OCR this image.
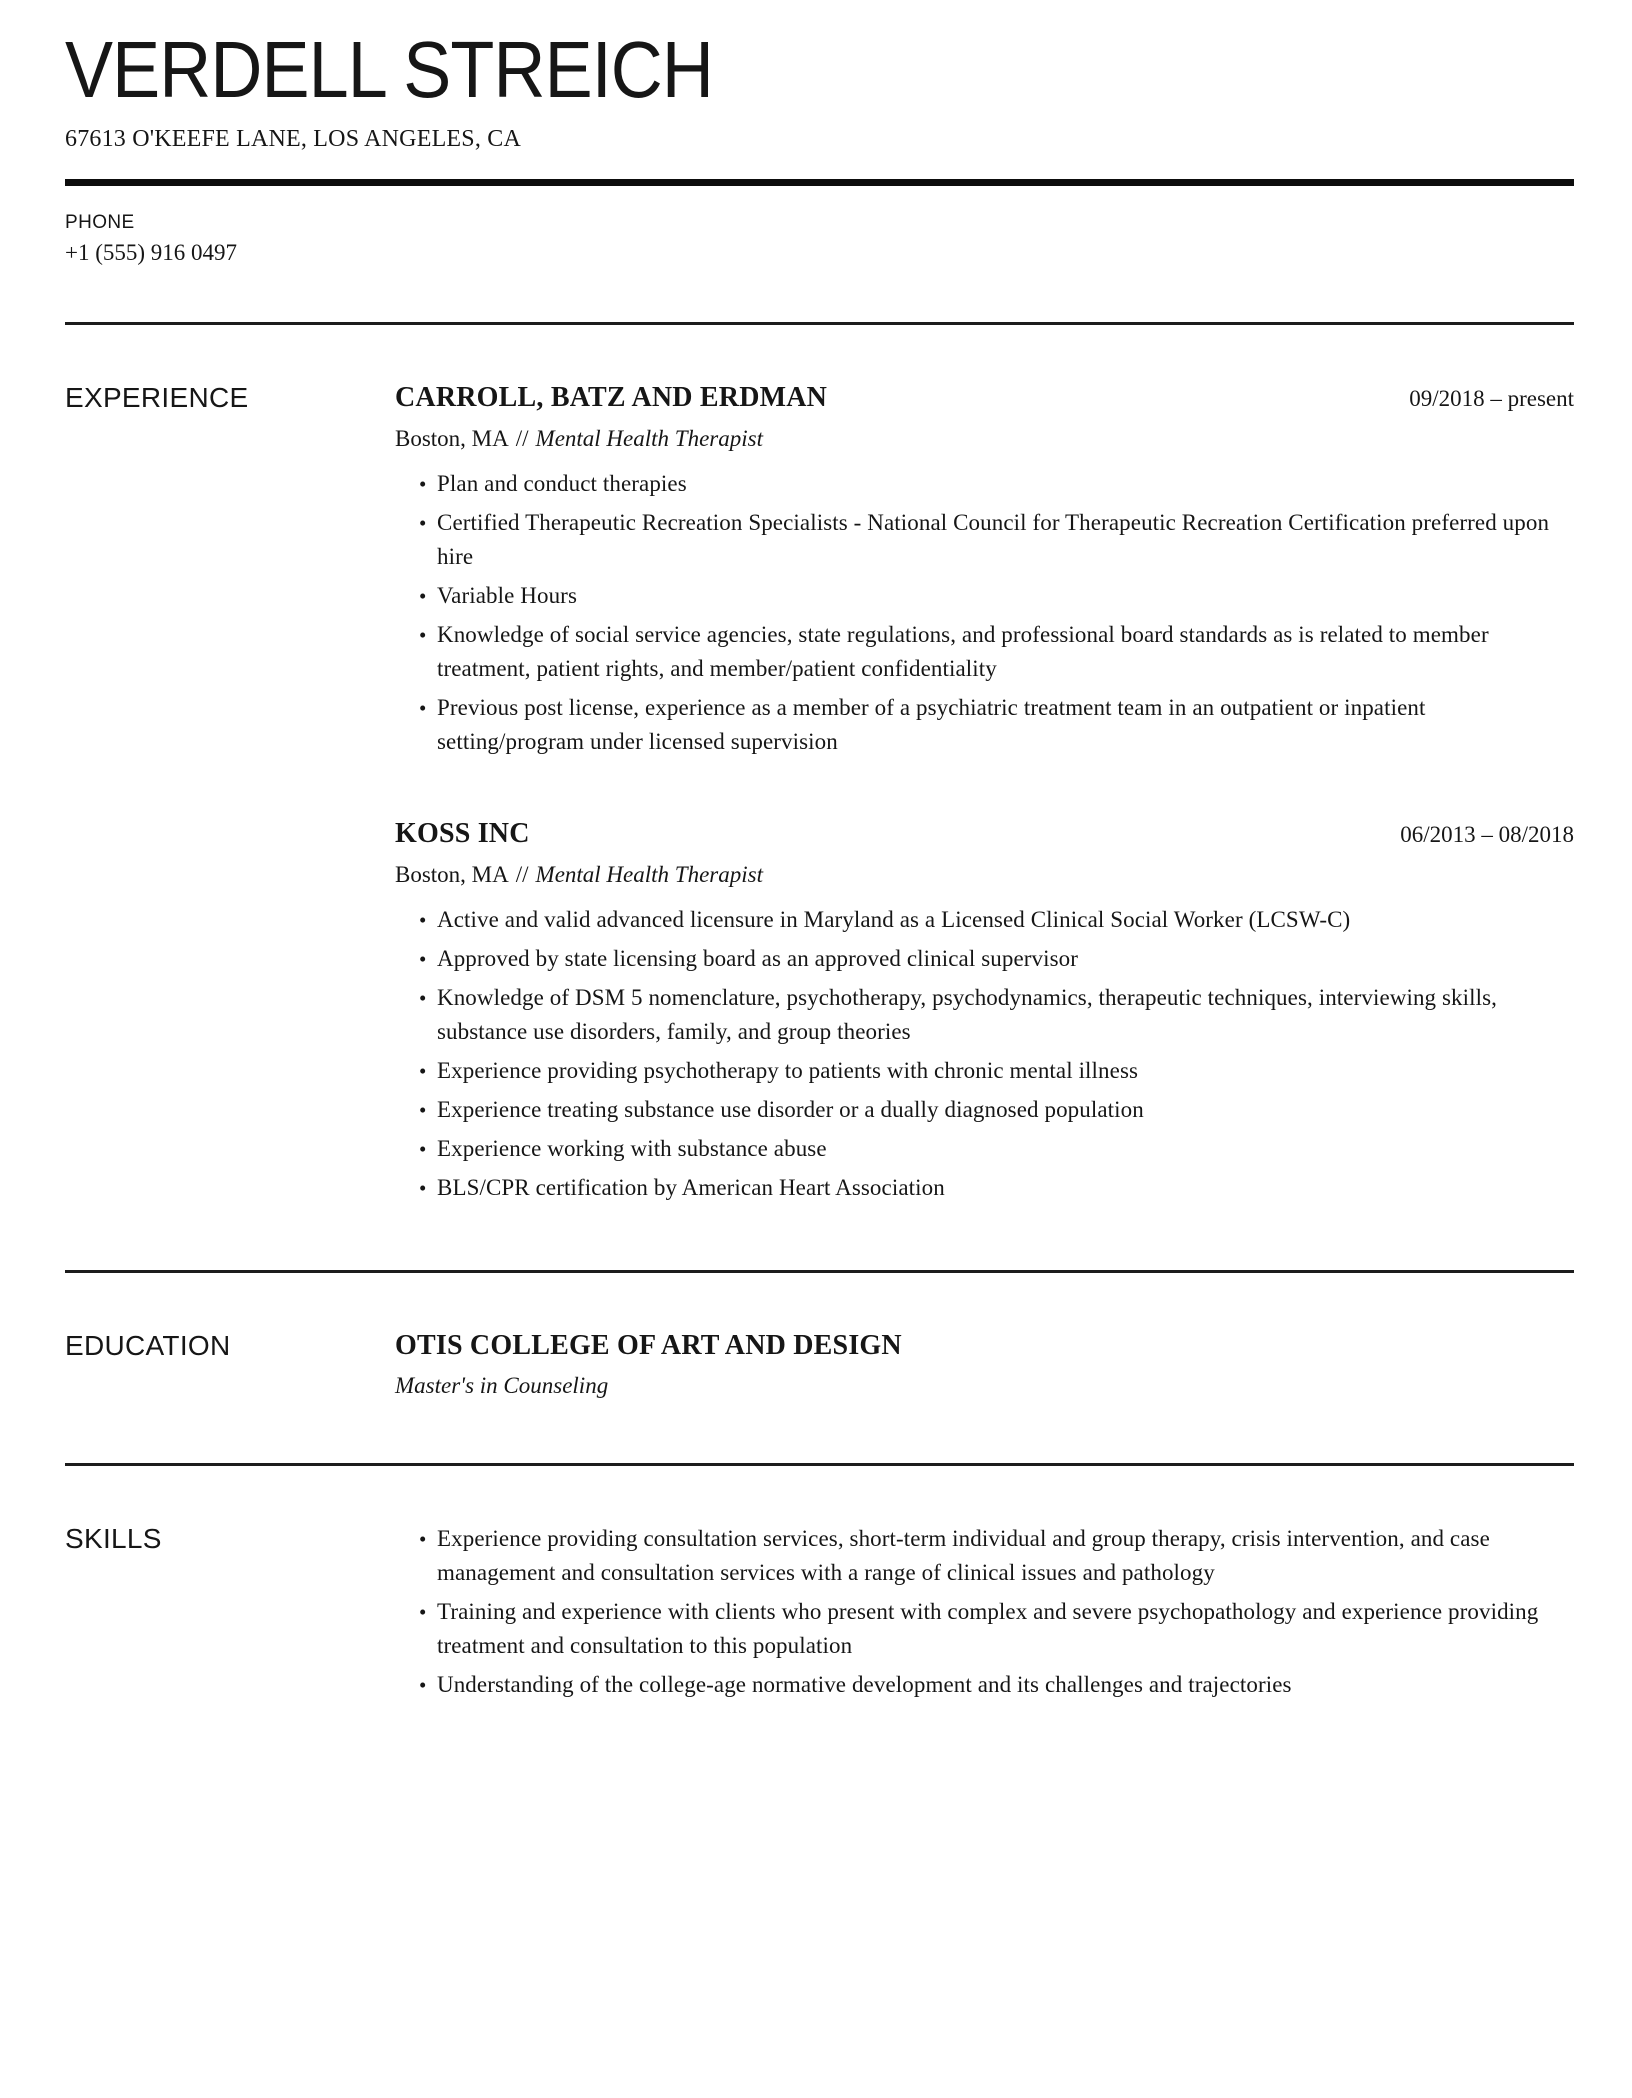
VERDELL STREICH
67613 O'KEEFE LANE, LOS ANGELES, CA
PHONE
+1 (555) 916 0497
EXPERIENCE	CARROLL, BATZ AND ERDMAN	09/2018 – present
Boston, MA // Mental Health Therapist
• Plan and conduct therapies
• Certified Therapeutic Recreation Specialists - National Council for Therapeutic Recreation Certification preferred upon hire
• Variable Hours
• Knowledge of social service agencies, state regulations, and professional board standards as is related to member treatment, patient rights, and member/patient confidentiality
• Previous post license, experience as a member of a psychiatric treatment team in an outpatient or inpatient setting/program under licensed supervision
KOSS INC	06/2013 – 08/2018
Boston, MA // Mental Health Therapist
• Active and valid advanced licensure in Maryland as a Licensed Clinical Social Worker (LCSW-C)
• Approved by state licensing board as an approved clinical supervisor
• Knowledge of DSM 5 nomenclature, psychotherapy, psychodynamics, therapeutic techniques, interviewing skills, substance use disorders, family, and group theories
• Experience providing psychotherapy to patients with chronic mental illness
• Experience treating substance use disorder or a dually diagnosed population
• Experience working with substance abuse
• BLS/CPR certification by American Heart Association
EDUCATION	OTIS COLLEGE OF ART AND DESIGN
Master's in Counseling
SKILLS	• Experience providing consultation services, short-term individual and group therapy, crisis intervention, and case management and consultation services with a range of clinical issues and pathology
• Training and experience with clients who present with complex and severe psychopathology and experience providing treatment and consultation to this population
• Understanding of the college-age normative development and its challenges and trajectories
